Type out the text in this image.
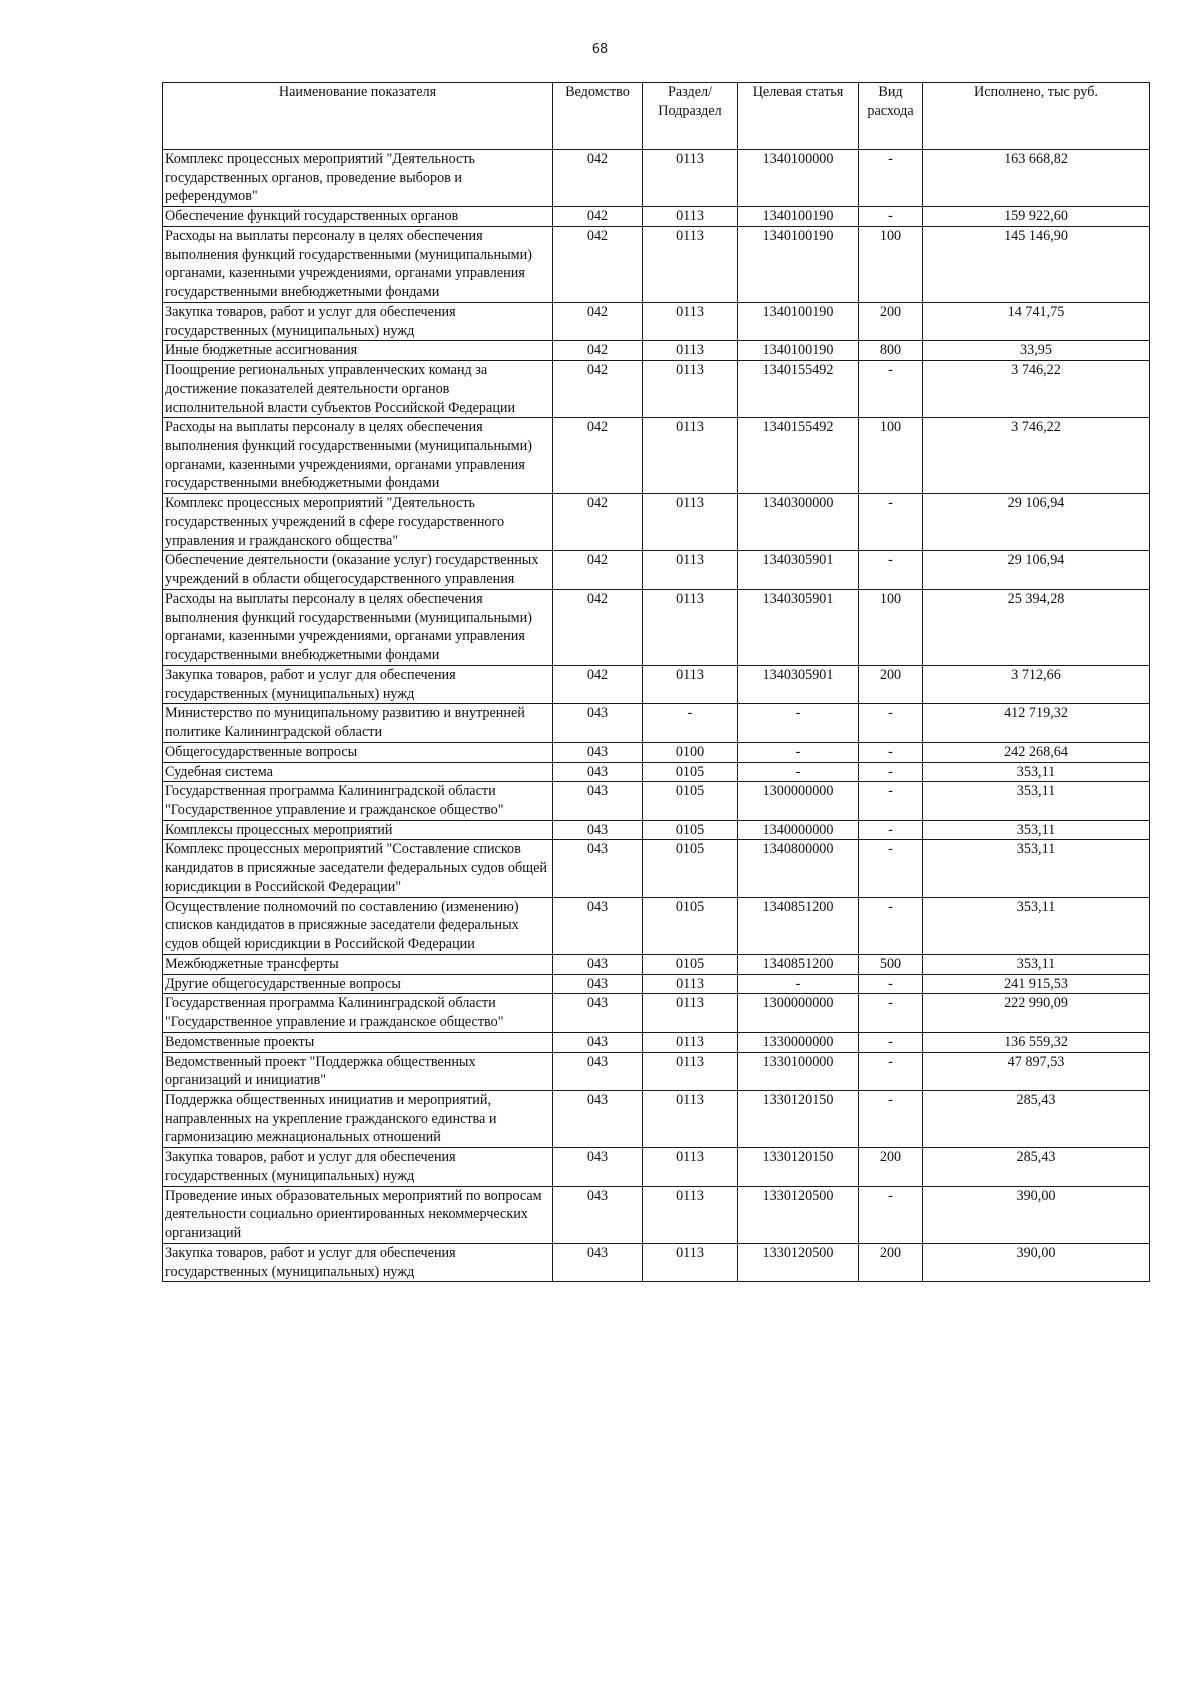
68
Наименование показателя	Ведомство	Раздел/ Подраздел	Целевая статья	Вид расхода	Исполнено, тыс руб.
Комплекс процессных мероприятий "Деятельность государственных органов, проведение выборов и референдумов"	042	0113	1340100000	-	163 668,82
Обеспечение функций государственных органов	042	0113	1340100190	-	159 922,60
Расходы на выплаты персоналу в целях обеспечения выполнения функций государственными (муниципальными) органами, казенными учреждениями, органами управления государственными внебюджетными фондами	042	0113	1340100190	100	145 146,90
Закупка товаров, работ и услуг для обеспечения государственных (муниципальных) нужд	042	0113	1340100190	200	14 741,75
Иные бюджетные ассигнования	042	0113	1340100190	800	33,95
Поощрение региональных управленческих команд за достижение показателей деятельности органов исполнительной власти субъектов Российской Федерации	042	0113	1340155492	-	3 746,22
Расходы на выплаты персоналу в целях обеспечения выполнения функций государственными (муниципальными) органами, казенными учреждениями, органами управления государственными внебюджетными фондами	042	0113	1340155492	100	3 746,22
Комплекс процессных мероприятий "Деятельность государственных учреждений в сфере государственного управления и гражданского общества"	042	0113	1340300000	-	29 106,94
Обеспечение деятельности (оказание услуг) государственных учреждений в области общегосударственного управления	042	0113	1340305901	-	29 106,94
Расходы на выплаты персоналу в целях обеспечения выполнения функций государственными (муниципальными) органами, казенными учреждениями, органами управления государственными внебюджетными фондами	042	0113	1340305901	100	25 394,28
Закупка товаров, работ и услуг для обеспечения государственных (муниципальных) нужд	042	0113	1340305901	200	3 712,66
Министерство по муниципальному развитию и внутренней политике Калининградской области	043	-	-	-	412 719,32
Общегосударственные вопросы	043	0100	-	-	242 268,64
Судебная система	043	0105	-	-	353,11
Государственная программа Калининградской области "Государственное управление и гражданское общество"	043	0105	1300000000	-	353,11
Комплексы процессных мероприятий	043	0105	1340000000	-	353,11
Комплекс процессных мероприятий "Составление списков кандидатов в присяжные заседатели федеральных судов общей юрисдикции в Российской Федерации"	043	0105	1340800000	-	353,11
Осуществление полномочий по составлению (изменению) списков кандидатов в присяжные заседатели федеральных судов общей юрисдикции в Российской Федерации	043	0105	1340851200	-	353,11
Межбюджетные трансферты	043	0105	1340851200	500	353,11
Другие общегосударственные вопросы	043	0113	-	-	241 915,53
Государственная программа Калининградской области "Государственное управление и гражданское общество"	043	0113	1300000000	-	222 990,09
Ведомственные проекты	043	0113	1330000000	-	136 559,32
Ведомственный проект "Поддержка общественных организаций и инициатив"	043	0113	1330100000	-	47 897,53
Поддержка общественных инициатив и мероприятий, направленных на укрепление гражданского единства и гармонизацию межнациональных отношений	043	0113	1330120150	-	285,43
Закупка товаров, работ и услуг для обеспечения государственных (муниципальных) нужд	043	0113	1330120150	200	285,43
Проведение иных образовательных мероприятий по вопросам деятельности социально ориентированных некоммерческих организаций	043	0113	1330120500	-	390,00
Закупка товаров, работ и услуг для обеспечения государственных (муниципальных) нужд	043	0113	1330120500	200	390,00
